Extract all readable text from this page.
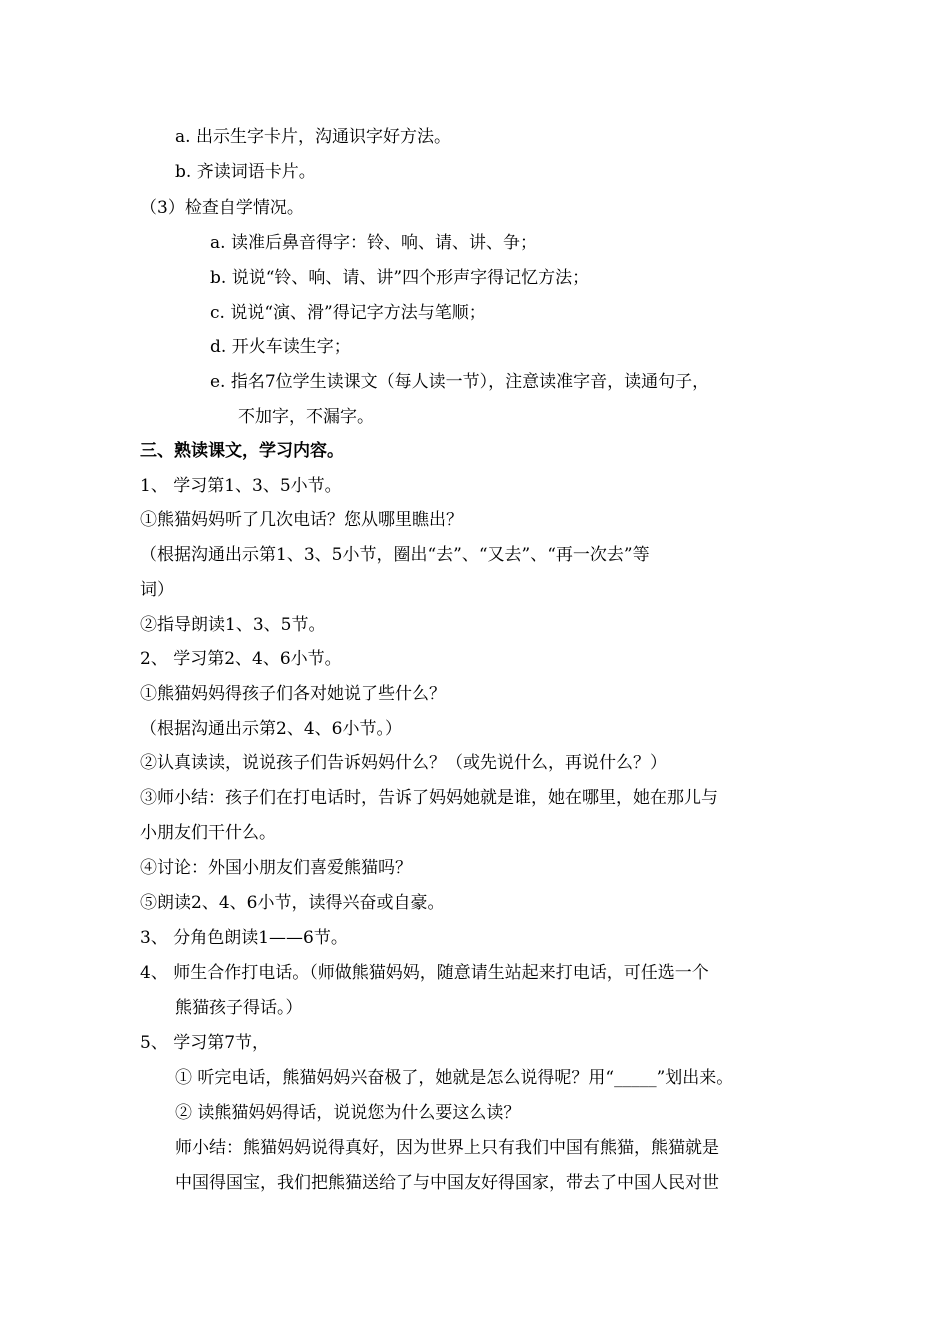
a. 出示生字卡片，沟通识字好方法。
b. 齐读词语卡片。
（3）检查自学情况。
a. 读准后鼻音得字：铃、响、请、讲、争；
b. 说说“铃、响、请、讲”四个形声字得记忆方法；
c. 说说“演、滑”得记字方法与笔顺；
d. 开火车读生字；
e. 指名7位学生读课文（每人读一节），注意读准字音，读通句子，
不加字，不漏字。
三、熟读课文，学习内容。
1、 学习第1、3、5小节。
①熊猫妈妈听了几次电话？您从哪里瞧出？
（根据沟通出示第1、3、5小节，圈出“去”、“又去”、“再一次去”等
词）
②指导朗读1、3、5节。
2、 学习第2、4、6小节。
①熊猫妈妈得孩子们各对她说了些什么？
（根据沟通出示第2、4、6小节。）
②认真读读，说说孩子们告诉妈妈什么？（或先说什么，再说什么？）
③师小结：孩子们在打电话时，告诉了妈妈她就是谁，她在哪里，她在那儿与
小朋友们干什么。
④讨论：外国小朋友们喜爱熊猫吗？
⑤朗读2、4、6小节，读得兴奋或自豪。
3、 分角色朗读1——6节。
4、 师生合作打电话。（师做熊猫妈妈，随意请生站起来打电话，可任选一个
熊猫孩子得话。）
5、 学习第7节，
① 听完电话，熊猫妈妈兴奋极了，她就是怎么说得呢？用“_____”划出来。
② 读熊猫妈妈得话，说说您为什么要这么读？
师小结：熊猫妈妈说得真好，因为世界上只有我们中国有熊猫，熊猫就是
中国得国宝，我们把熊猫送给了与中国友好得国家，带去了中国人民对世
